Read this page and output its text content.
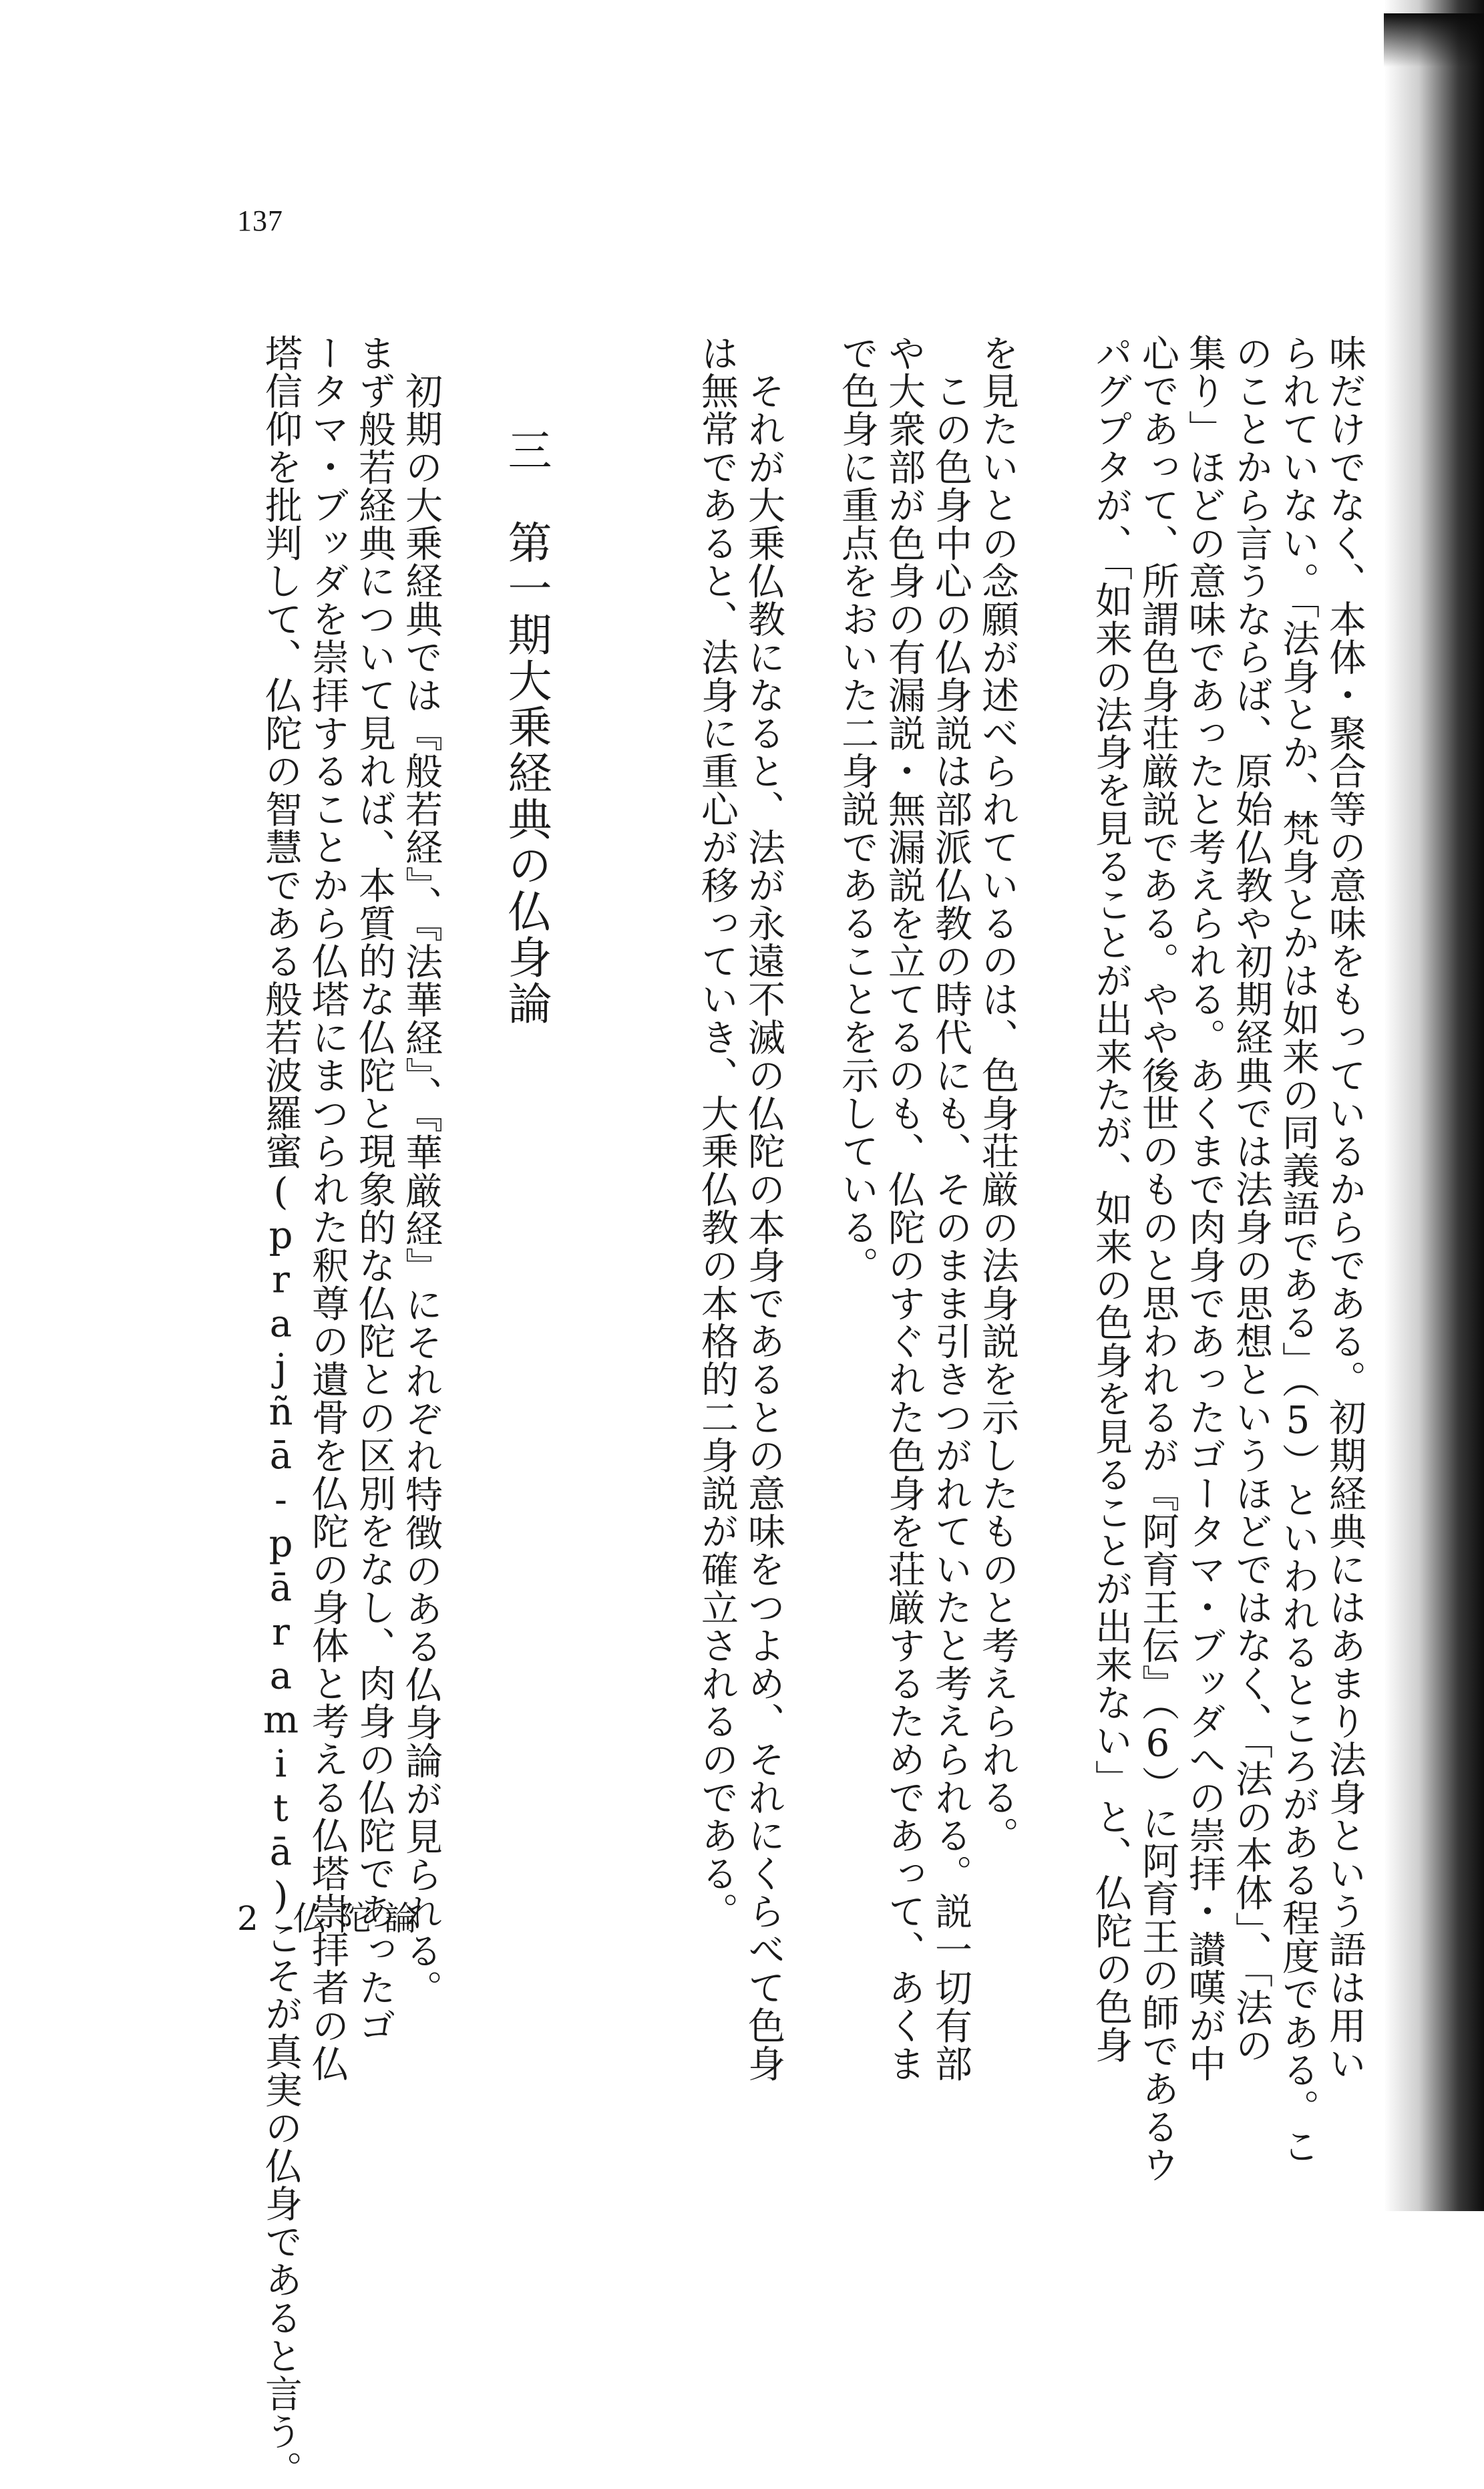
137
味だけでなく、本体・聚合等の意味をもっているからである。初期経典にはあまり法身という語は用い
られていない。「法身とか、梵身とかは如来の同義語である」（5）といわれるところがある程度である。こ
のことから言うならば、原始仏教や初期経典では法身の思想というほどではなく、「法の本体」、「法の
集り」ほどの意味であったと考えられる。あくまで肉身であったゴータマ・ブッダへの崇拝・讃嘆が中
心であって、所謂色身荘厳説である。やや後世のものと思われるが『阿育王伝』（6）に阿育王の師であるウ
パグプタが、「如来の法身を見ることが出来たが、如来の色身を見ることが出来ない」と、仏陀の色身
を見たいとの念願が述べられているのは、色身荘厳の法身説を示したものと考えられる。
　この色身中心の仏身説は部派仏教の時代にも、そのまま引きつがれていたと考えられる。説一切有部
や大衆部が色身の有漏説・無漏説を立てるのも、仏陀のすぐれた色身を荘厳するためであって、あくま
で色身に重点をおいた二身説であることを示している。
　それが大乗仏教になると、法が永遠不滅の仏陀の本身であるとの意味をつよめ、それにくらべて色身
は無常であると、法身に重心が移っていき、大乗仏教の本格的二身説が確立されるのである。
三　第一期大乗経典の仏身論
　初期の大乗経典では『般若経』、『法華経』、『華厳経』にそれぞれ特徴のある仏身論が見られる。
まず般若経典について見れば、本質的な仏陀と現象的な仏陀との区別をなし、肉身の仏陀であったゴ
ータマ・ブッダを崇拝することから仏塔にまつられた釈尊の遺骨を仏陀の身体と考える仏塔崇拝者の仏
塔信仰を批判して、仏陀の智慧である般若波羅蜜(prajñā-pāramitā)こそが真実の仏身であると言う。
2 仏陀論
